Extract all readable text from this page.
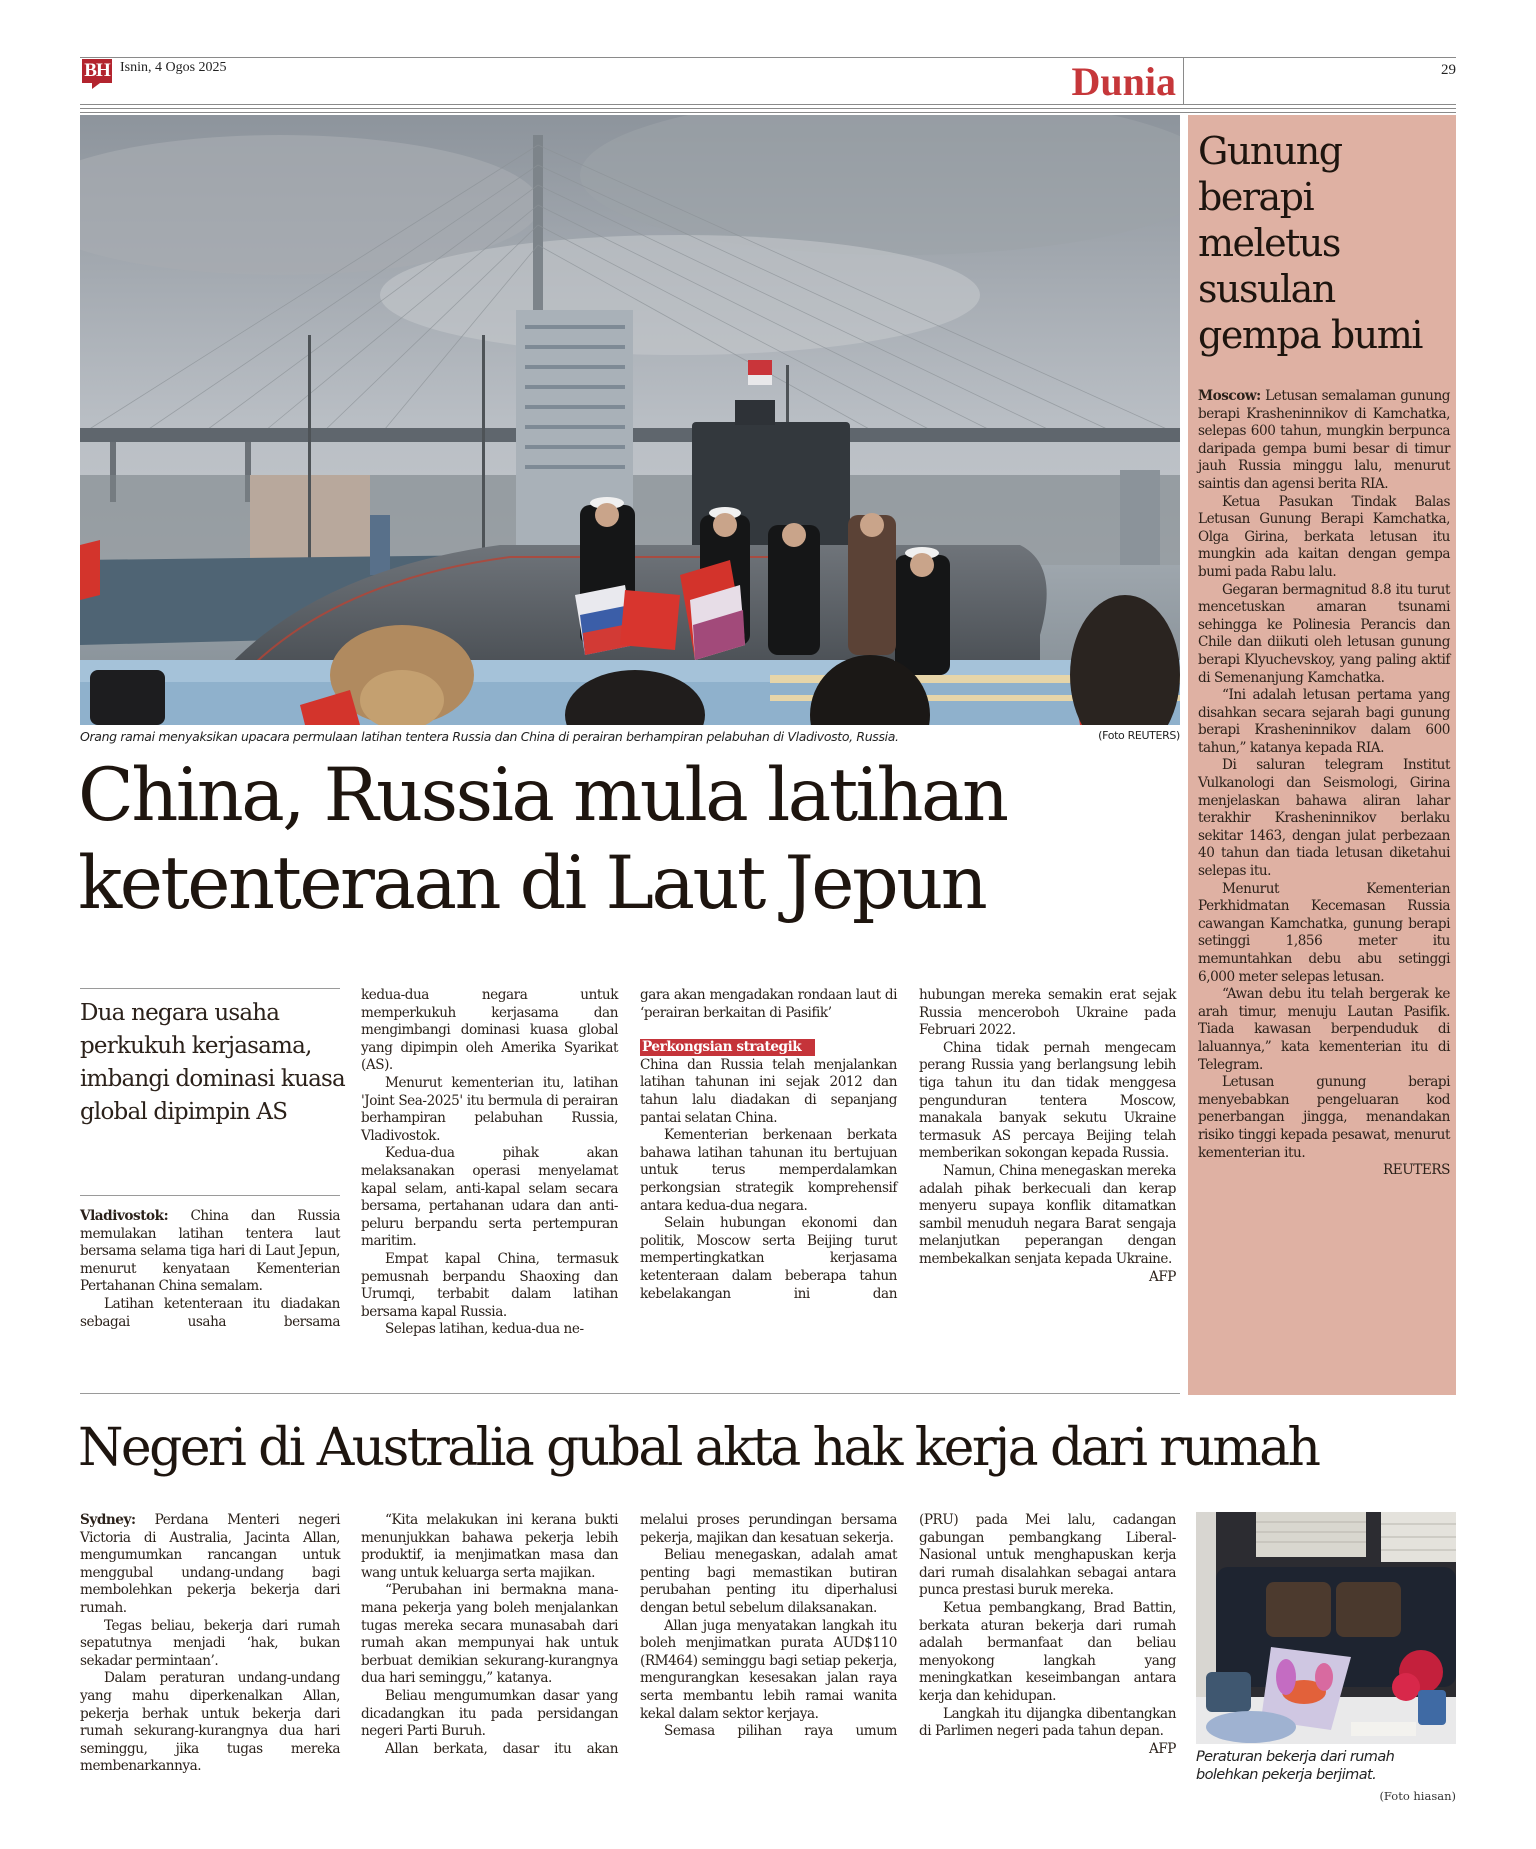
BH Isnin, 4 Ogos 2025	Dunia	29
Orang ramai menyaksikan upacara permulaan latihan tentera Russia dan China di perairan berhampiran pelabuhan di Vladivosto, Russia.	(Foto REUTERS)
China, Russia mula latihan
ketenteraan di Laut Jepun
Dua negara usaha perkukuh kerjasama, imbangi dominasi kuasa global dipimpin AS

Vladivostok: China dan Russia memulakan latihan tentera laut bersama selama tiga hari di Laut Jepun, menurut kenyataan Kementerian Pertahanan China semalam.

Latihan ketenteraan itu diadakan sebagai usaha bersama

kedua-dua negara untuk memperkukuh kerjasama dan mengimbangi dominasi kuasa global yang dipimpin oleh Amerika Syarikat (AS).

Menurut kementerian itu, latihan 'Joint Sea-2025' itu bermula di perairan berhampiran pelabuhan Russia, Vladivostok.

Kedua-dua pihak akan melaksanakan operasi menyelamat kapal selam, anti-kapal selam secara bersama, pertahanan udara dan anti-peluru berpandu serta pertempuran maritim.

Empat kapal China, termasuk pemusnah berpandu Shaoxing dan Urumqi, terbabit dalam latihan bersama kapal Russia.

Selepas latihan, kedua-dua ne-

gara akan mengadakan rondaan laut di ‘perairan berkaitan di Pasifik’

Perkongsian strategik

China dan Russia telah menjalankan latihan tahunan ini sejak 2012 dan tahun lalu diadakan di sepanjang pantai selatan China.

Kementerian berkenaan berkata bahawa latihan tahunan itu bertujuan untuk terus memperdalamkan perkongsian strategik komprehensif antara kedua-dua negara.

Selain hubungan ekonomi dan politik, Moscow serta Beijing turut mempertingkatkan kerjasama ketenteraan dalam beberapa tahun kebelakangan ini dan

hubungan mereka semakin erat sejak Russia menceroboh Ukraine pada Februari 2022.

China tidak pernah mengecam perang Russia yang berlangsung lebih tiga tahun itu dan tidak menggesa pengunduran tentera Moscow, manakala banyak sekutu Ukraine termasuk AS percaya Beijing telah memberikan sokongan kepada Russia.

Namun, China menegaskan mereka adalah pihak berkecuali dan kerap menyeru supaya konflik ditamatkan sambil menuduh negara Barat sengaja melanjutkan peperangan dengan membekalkan senjata kepada Ukraine.

AFP

Gunung berapi meletus susulan gempa bumi

Moscow: Letusan semalaman gunung berapi Krasheninnikov di Kamchatka, selepas 600 tahun, mungkin berpunca daripada gempa bumi besar di timur jauh Russia minggu lalu, menurut saintis dan agensi berita RIA.

Ketua Pasukan Tindak Balas Letusan Gunung Berapi Kamchatka, Olga Girina, berkata letusan itu mungkin ada kaitan dengan gempa bumi pada Rabu lalu.

Gegaran bermagnitud 8.8 itu turut mencetuskan amaran tsunami sehingga ke Polinesia Perancis dan Chile dan diikuti oleh letusan gunung berapi Klyuchevskoy, yang paling aktif di Semenanjung Kamchatka.

“Ini adalah letusan pertama yang disahkan secara sejarah bagi gunung berapi Krasheninnikov dalam 600 tahun,” katanya kepada RIA.

Di saluran telegram Institut Vulkanologi dan Seismologi, Girina menjelaskan bahawa aliran lahar terakhir Krasheninnikov berlaku sekitar 1463, dengan julat perbezaan 40 tahun dan tiada letusan diketahui selepas itu.

Menurut Kementerian Perkhidmatan Kecemasan Russia cawangan Kamchatka, gunung berapi setinggi 1,856 meter itu memuntahkan debu abu setinggi 6,000 meter selepas letusan.

“Awan debu itu telah bergerak ke arah timur, menuju Lautan Pasifik. Tiada kawasan berpenduduk di laluannya,” kata kementerian itu di Telegram.

Letusan gunung berapi menyebabkan pengeluaran kod penerbangan jingga, menandakan risiko tinggi kepada pesawat, menurut kementerian itu.

REUTERS

Negeri di Australia gubal akta hak kerja dari rumah

Sydney: Perdana Menteri negeri Victoria di Australia, Jacinta Allan, mengumumkan rancangan untuk menggubal undang-undang bagi membolehkan pekerja bekerja dari rumah.

Tegas beliau, bekerja dari rumah sepatutnya menjadi ‘hak, bukan sekadar permintaan’.

Dalam peraturan undang-undang yang mahu diperkenalkan Allan, pekerja berhak untuk bekerja dari rumah sekurang-kurangnya dua hari seminggu, jika tugas mereka membenarkannya.

“Kita melakukan ini kerana bukti menunjukkan bahawa pekerja lebih produktif, ia menjimatkan masa dan wang untuk keluarga serta majikan.

“Perubahan ini bermakna mana-mana pekerja yang boleh menjalankan tugas mereka secara munasabah dari rumah akan mempunyai hak untuk berbuat demikian sekurang-kurangnya dua hari seminggu,” katanya.

Beliau mengumumkan dasar yang dicadangkan itu pada persidangan negeri Parti Buruh.

Allan berkata, dasar itu akan

melalui proses perundingan bersama pekerja, majikan dan kesatuan sekerja.

Beliau menegaskan, adalah amat penting bagi memastikan butiran perubahan penting itu diperhalusi dengan betul sebelum dilaksanakan.

Allan juga menyatakan langkah itu boleh menjimatkan purata AUD$110 (RM464) seminggu bagi setiap pekerja, mengurangkan kesesakan jalan raya serta membantu lebih ramai wanita kekal dalam sektor kerjaya.

Semasa pilihan raya umum

(PRU) pada Mei lalu, cadangan gabungan pembangkang Liberal-Nasional untuk menghapuskan kerja dari rumah disalahkan sebagai antara punca prestasi buruk mereka.

Ketua pembangkang, Brad Battin, berkata aturan bekerja dari rumah adalah bermanfaat dan beliau menyokong langkah yang meningkatkan keseimbangan antara kerja dan kehidupan.

Langkah itu dijangka dibentangkan di Parlimen negeri pada tahun depan.
AFP

Peraturan bekerja dari rumah bolehkan pekerja berjimat.
(Foto hiasan)
